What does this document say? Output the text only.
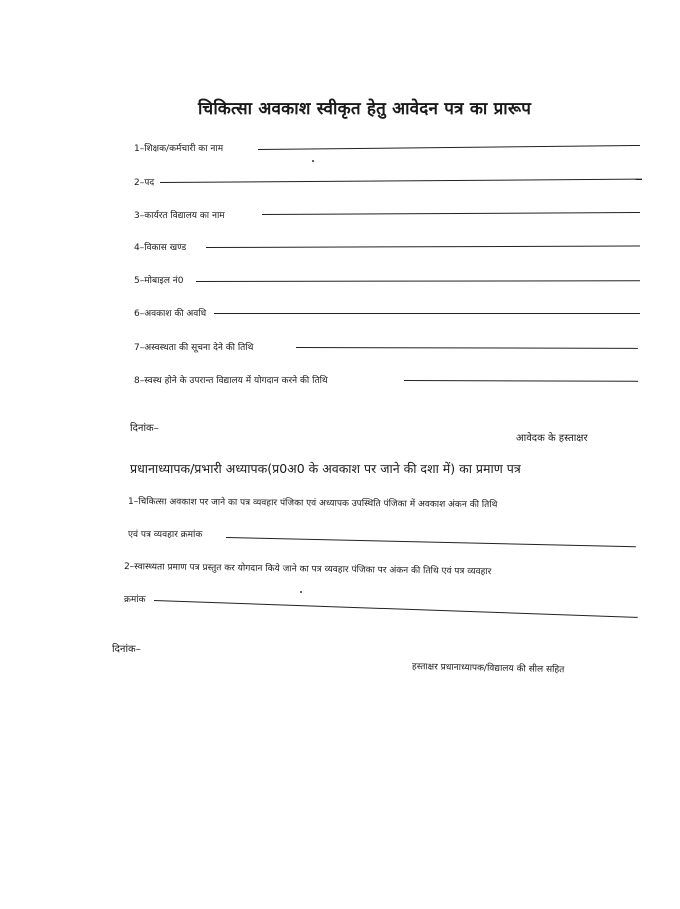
चिकित्सा अवकाश स्वीकृत हेतु आवेदन पत्र का प्रारूप
1–शिक्षक/कर्मचारी का नाम
2–पद
3–कार्यरत विद्यालय का नाम
4–विकास खण्ड
5–मोबाइल नं0
6–अवकाश की अवधि
7–अस्वस्थता की सूचना देने की तिथि
8–स्वस्थ होने के उपरान्त विद्यालय में योगदान करने की तिथि
दिनांक–
आवेदक के हस्ताक्षर
प्रधानाध्यापक/प्रभारी अध्यापक(प्र0अ0 के अवकाश पर जाने की दशा में) का प्रमाण पत्र
1–चिकित्सा अवकाश पर जाने का पत्र व्यवहार पंजिका एवं अध्यापक उपस्थिति पंजिका में अवकाश अंकन की तिथि
एवं पत्र व्यवहार क्रमांक
2–स्वास्थ्यता प्रमाण पत्र प्रस्तुत कर योगदान किये जाने का पत्र व्यवहार पंजिका पर अंकन की तिथि एवं पत्र व्यवहार
क्रमांक
दिनांक–
हस्ताक्षर प्रधानाध्यापक/विद्यालय की सील सहित
